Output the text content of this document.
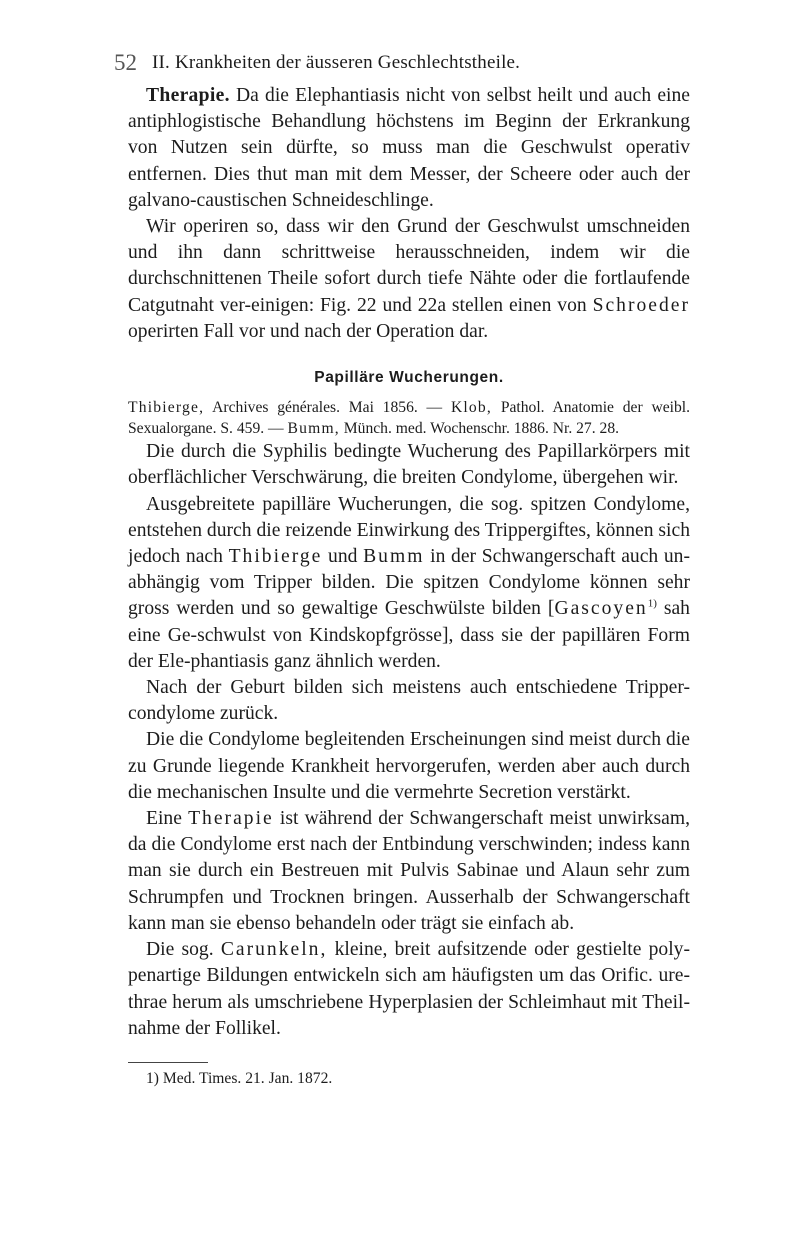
52 II. Krankheiten der äusseren Geschlechtstheile.

Therapie. Da die Elephantiasis nicht von selbst heilt und auch eine antiphlogistische Behandlung höchstens im Beginn der Erkrankung von Nutzen sein dürfte, so muss man die Geschwulst operativ entfernen. Dies thut man mit dem Messer, der Scheere oder auch der galvano-caustischen Schneideschlinge.

Wir operiren so, dass wir den Grund der Geschwulst umschneiden und ihn dann schrittweise herausschneiden, indem wir die durchschnittenen Theile sofort durch tiefe Nähte oder die fortlaufende Catgutnaht ver-einigen: Fig. 22 und 22a stellen einen von Schroeder operirten Fall vor und nach der Operation dar.

Papilläre Wucherungen.

Thibierge, Archives générales. Mai 1856. — Klob, Pathol. Anatomie der weibl. Sexualorgane. S. 459. — Bumm, Münch. med. Wochenschr. 1886. Nr. 27. 28.

Die durch die Syphilis bedingte Wucherung des Papillarkörpers mit oberflächlicher Verschwärung, die breiten Condylome, übergehen wir.

Ausgebreitete papilläre Wucherungen, die sog. spitzen Condylome, entstehen durch die reizende Einwirkung des Trippergiftes, können sich jedoch nach Thibierge und Bumm in der Schwangerschaft auch un-abhängig vom Tripper bilden. Die spitzen Condylome können sehr gross werden und so gewaltige Geschwülste bilden [Gascoyen$^{1)}$ sah eine Ge-schwulst von Kindskopfgrösse], dass sie der papillären Form der Ele-phantiasis ganz ähnlich werden.

Nach der Geburt bilden sich meistens auch entschiedene Tripper-condylome zurück.

Die die Condylome begleitenden Erscheinungen sind meist durch die zu Grunde liegende Krankheit hervorgerufen, werden aber auch durch die mechanischen Insulte und die vermehrte Secretion verstärkt.

Eine Therapie ist während der Schwangerschaft meist unwirksam, da die Condylome erst nach der Entbindung verschwinden; indess kann man sie durch ein Bestreuen mit Pulvis Sabinae und Alaun sehr zum Schrumpfen und Trocknen bringen. Ausserhalb der Schwangerschaft kann man sie ebenso behandeln oder trägt sie einfach ab.

Die sog. Carunkeln, kleine, breit aufsitzende oder gestielte poly-penartige Bildungen entwickeln sich am häufigsten um das Orific. ure-thrae herum als umschriebene Hyperplasien der Schleimhaut mit Theil-nahme der Follikel.

1) Med. Times. 21. Jan. 1872.
